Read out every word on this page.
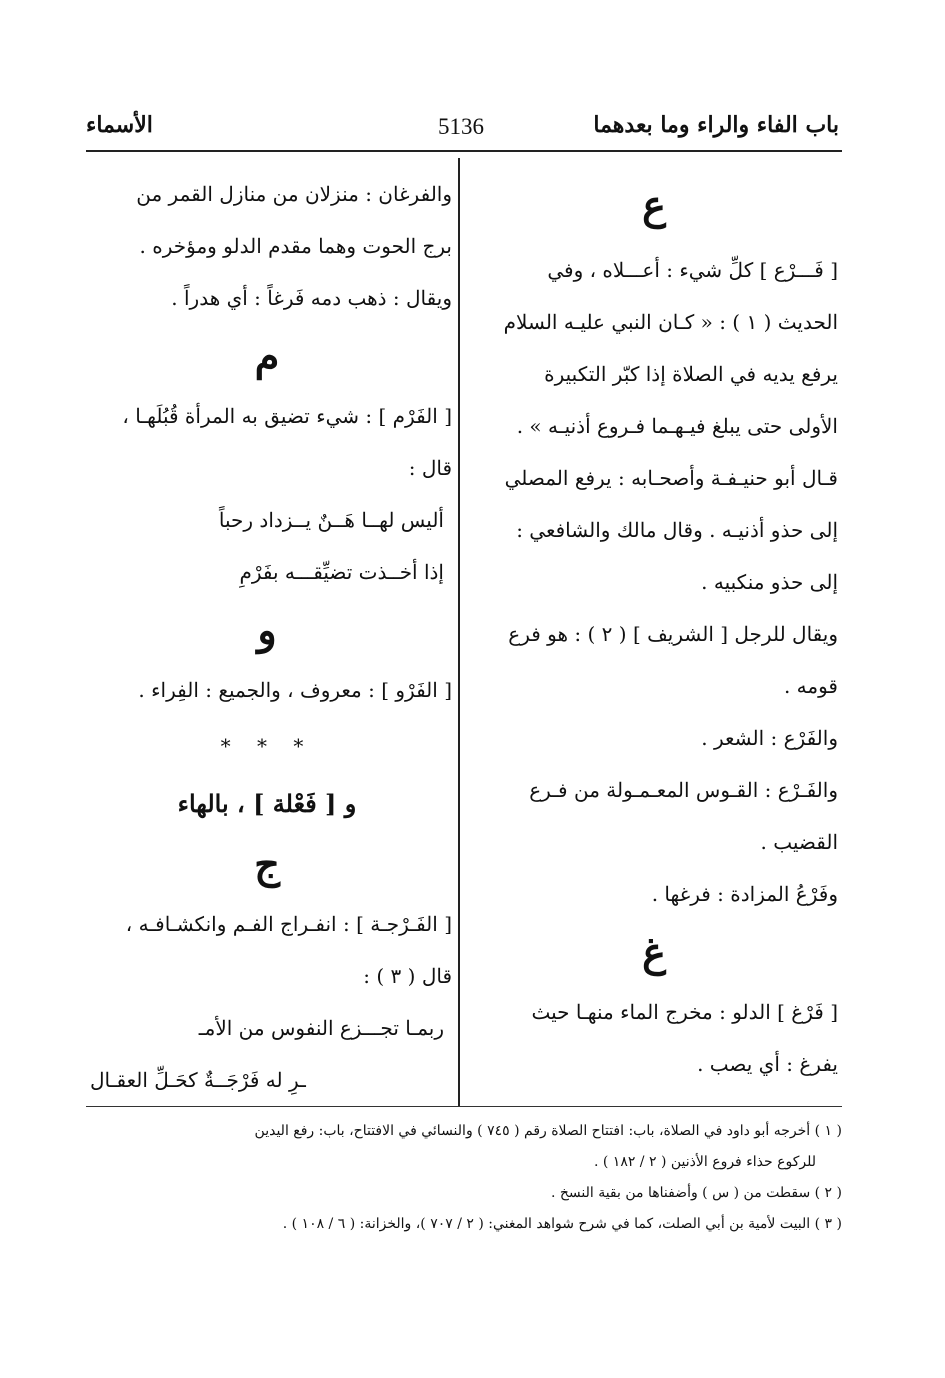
باب الفاء والراء وما بعدهما
5136
الأسماء
ع
[ فَـــرْع ] كلِّ شيء : أعـــلاه ، وفي
الحديث ( ١ ) : « كـان النبي عليـه السلام
يرفع يديه في الصلاة إذا كبّر التكبيرة
الأولى حتى يبلغ فيـهـما فـروع أذنيـه » .
قـال أبو حنيـفـة وأصحـابه : يرفع المصلي
إلى حذو أذنيـه . وقال مالك والشافعي :
إلى حذو منكبيه .
ويقال للرجل [ الشريف ] ( ٢ ) : هو فرع
قومه .
والفَرْع : الشعر .
والفَـرْع : القـوس المعـمـولة من فـرع
القضيب .
وفَرْعُ المزادة : فرغها .
غ
[ فَرْغ ] الدلو : مخرج الماء منهـا حيث
يفرغ : أي يصب .
والفرغان : منزلان من منازل القمر من
برج الحوت وهما مقدم الدلو ومؤخره .
ويقال : ذهب دمه فَرغاً : أي هدراً .
م
[ الفَرْم ] : شيء تضيق به المرأة قُبُلَهـا ،
قال :
أليس لهــا هَــنٌ يــزداد رحباً
إذا أخــذت تضيِّقـــه بفَرْمِ
و
[ الفَرْو ] : معروف ، والجميع : الفِراء .
* * *
و [ فَعْلة ] ، بالهاء
ج
[ الفَـرْجـة ] : انفـراج الفـم وانكشـافـه ،
قال ( ٣ ) :
ربمـا تجـــزع النفوس من الأمـ
ـرِ له فَرْجَــةٌ كحَـلِّ العقـال
( ١ ) أخرجه أبو داود في الصلاة، باب: افتتاح الصلاة رقم ( ٧٤٥ ) والنسائي في الافتتاح، باب: رفع اليدين
للركوع حذاء فروع الأذنين ( ٢ / ١٨٢ ) .
( ٢ ) سقطت من ( س ) وأضفناها من بقية النسخ .
( ٣ ) البيت لأمية بن أبي الصلت، كما في شرح شواهد المغني: ( ٢ / ٧٠٧ )، والخزانة: ( ٦ / ١٠٨ ) .
